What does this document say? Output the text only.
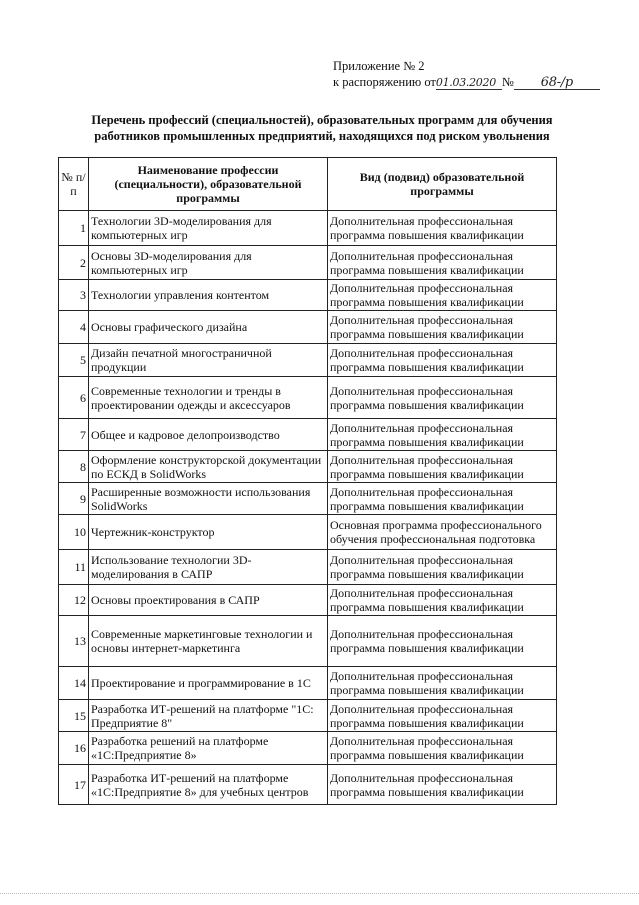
Приложение № 2
к распоряжению от01.03.2020 № 68-/р
Перечень профессий (специальностей), образовательных программ для обучения работников промышленных предприятий, находящихся под риском увольнения
№ п/п	Наименование профессии (специальности), образовательной программы	Вид (подвид) образовательной программы
1	Технологии 3D-моделирования для компьютерных игр	Дополнительная профессиональная программа повышения квалификации
2	Основы 3D-моделирования для компьютерных игр	Дополнительная профессиональная программа повышения квалификации
3	Технологии управления контентом	Дополнительная профессиональная программа повышения квалификации
4	Основы графического дизайна	Дополнительная профессиональная программа повышения квалификации
5	Дизайн печатной многостраничной продукции	Дополнительная профессиональная программа повышения квалификации
6	Современные технологии и тренды в проектировании одежды и аксессуаров	Дополнительная профессиональная программа повышения квалификации
7	Общее и кадровое делопроизводство	Дополнительная профессиональная программа повышения квалификации
8	Оформление конструкторской документации по ЕСКД в SolidWorks	Дополнительная профессиональная программа повышения квалификации
9	Расширенные возможности использования SolidWorks	Дополнительная профессиональная программа повышения квалификации
10	Чертежник-конструктор	Основная программа профессионального обучения профессиональная подготовка
11	Использование технологии 3D-моделирования в САПР	Дополнительная профессиональная программа повышения квалификации
12	Основы проектирования в САПР	Дополнительная профессиональная программа повышения квалификации
13	Современные маркетинговые технологии и основы интернет-маркетинга	Дополнительная профессиональная программа повышения квалификации
14	Проектирование и программирование в 1С	Дополнительная профессиональная программа повышения квалификации
15	Разработка ИТ-решений на платформе "1С: Предприятие 8"	Дополнительная профессиональная программа повышения квалификации
16	Разработка решений на платформе «1С:Предприятие 8»	Дополнительная профессиональная программа повышения квалификации
17	Разработка ИТ-решений на платформе «1С:Предприятие 8» для учебных центров	Дополнительная профессиональная программа повышения квалификации
